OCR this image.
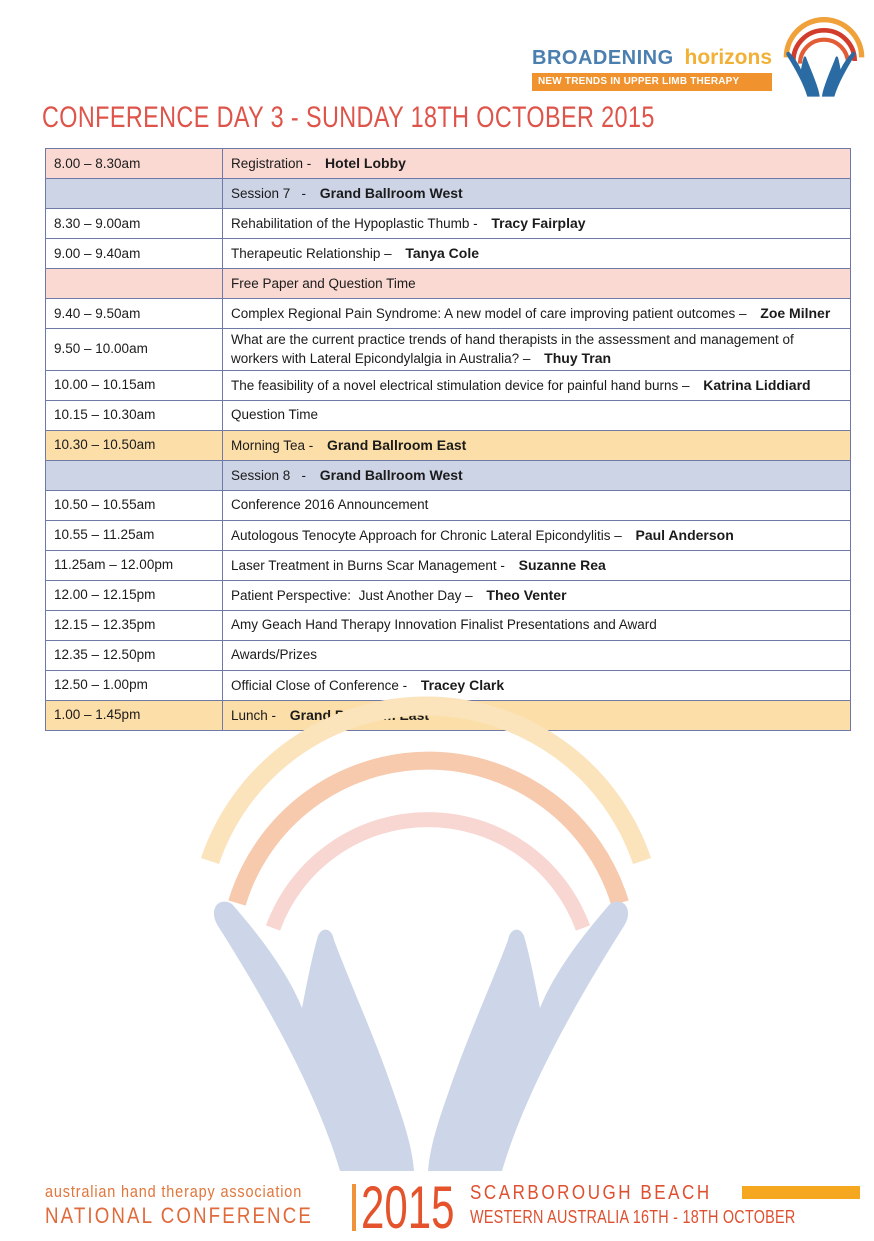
BROADENING horizons
NEW TRENDS IN UPPER LIMB THERAPY
CONFERENCE DAY 3 - SUNDAY 18TH OCTOBER 2015
8.00 – 8.30am	Registration - Hotel Lobby
	Session 7   - Grand Ballroom West
8.30 – 9.00am	Rehabilitation of the Hypoplastic Thumb - Tracy Fairplay
9.00 – 9.40am	Therapeutic Relationship – Tanya Cole
	Free Paper and Question Time
9.40 – 9.50am	Complex Regional Pain Syndrome: A new model of care improving patient outcomes – Zoe Milner
9.50 – 10.00am	What are the current practice trends of hand therapists in the assessment and management of workers with Lateral Epicondylalgia in Australia? – Thuy Tran
10.00 – 10.15am	The feasibility of a novel electrical stimulation device for painful hand burns – Katrina Liddiard
10.15 – 10.30am	Question Time
10.30 – 10.50am	Morning Tea - Grand Ballroom East
	Session 8   - Grand Ballroom West
10.50 – 10.55am	Conference 2016 Announcement
10.55 – 11.25am	Autologous Tenocyte Approach for Chronic Lateral Epicondylitis – Paul Anderson
11.25am – 12.00pm	Laser Treatment in Burns Scar Management - Suzanne Rea
12.00 – 12.15pm	Patient Perspective:  Just Another Day – Theo Venter
12.15 – 12.35pm	Amy Geach Hand Therapy Innovation Finalist Presentations and Award
12.35 – 12.50pm	Awards/Prizes
12.50 – 1.00pm	Official Close of Conference - Tracey Clark
1.00 – 1.45pm	Lunch - Grand Ballroom East
australian hand therapy association
NATIONAL CONFERENCE 2015 SCARBOROUGH BEACH
WESTERN AUSTRALIA 16TH - 18TH OCTOBER
